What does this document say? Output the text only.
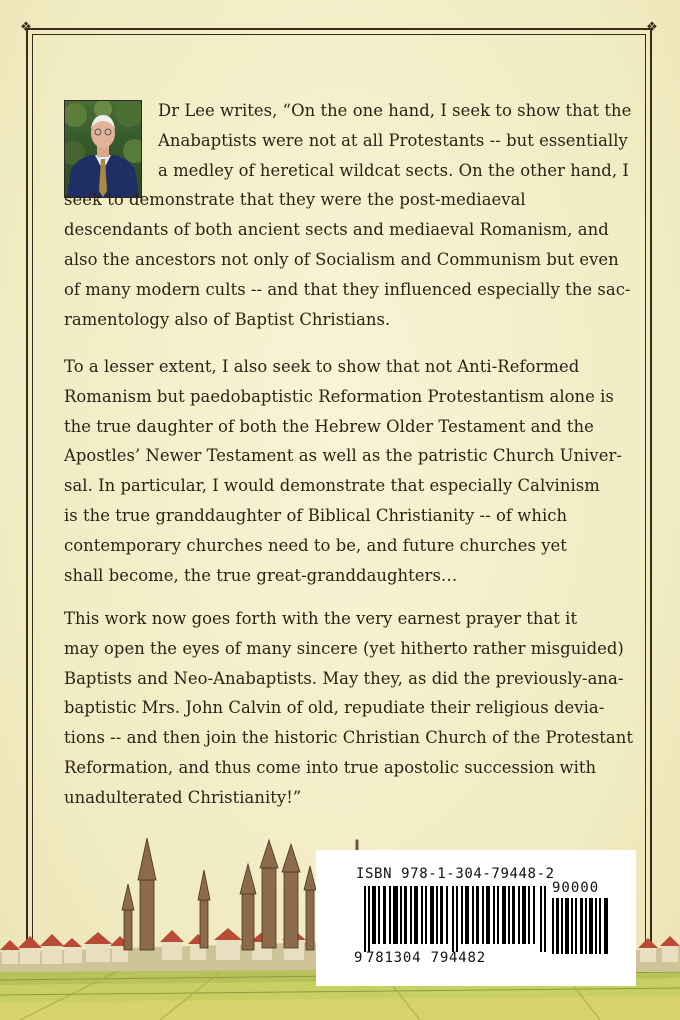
❖	❖
Dr Lee writes, “On the one hand, I seek to show that the
Anabaptists were not at all Protestants -- but essentially
a medley of heretical wildcat sects. On the other hand, I
seek to demonstrate that they were the post-mediaeval
descendants of both ancient sects and mediaeval Romanism, and
also the ancestors not only of Socialism and Communism but even
of many modern cults -- and that they influenced especially the sac-
ramentology also of Baptist Christians.
To a lesser extent, I also seek to show that not Anti-Reformed
Romanism but paedobaptistic Reformation Protestantism alone is
the true daughter of both the Hebrew Older Testament and the
Apostles’ Newer Testament as well as the patristic Church Univer-
sal. In particular, I would demonstrate that especially Calvinism
is the true granddaughter of Biblical Christianity -- of which
contemporary churches need to be, and future churches yet
shall become, the true great-granddaughters…
This work now goes forth with the very earnest prayer that it
may open the eyes of many sincere (yet hitherto rather misguided)
Baptists and Neo-Anabaptists. May they, as did the previously-ana-
baptistic Mrs. John Calvin of old, repudiate their religious devia-
tions -- and then join the historic Christian Church of the Protestant
Reformation, and thus come into true apostolic succession with
unadulterated Christianity!”
ISBN 978-1-304-79448-2
90000
9 781304 794482
